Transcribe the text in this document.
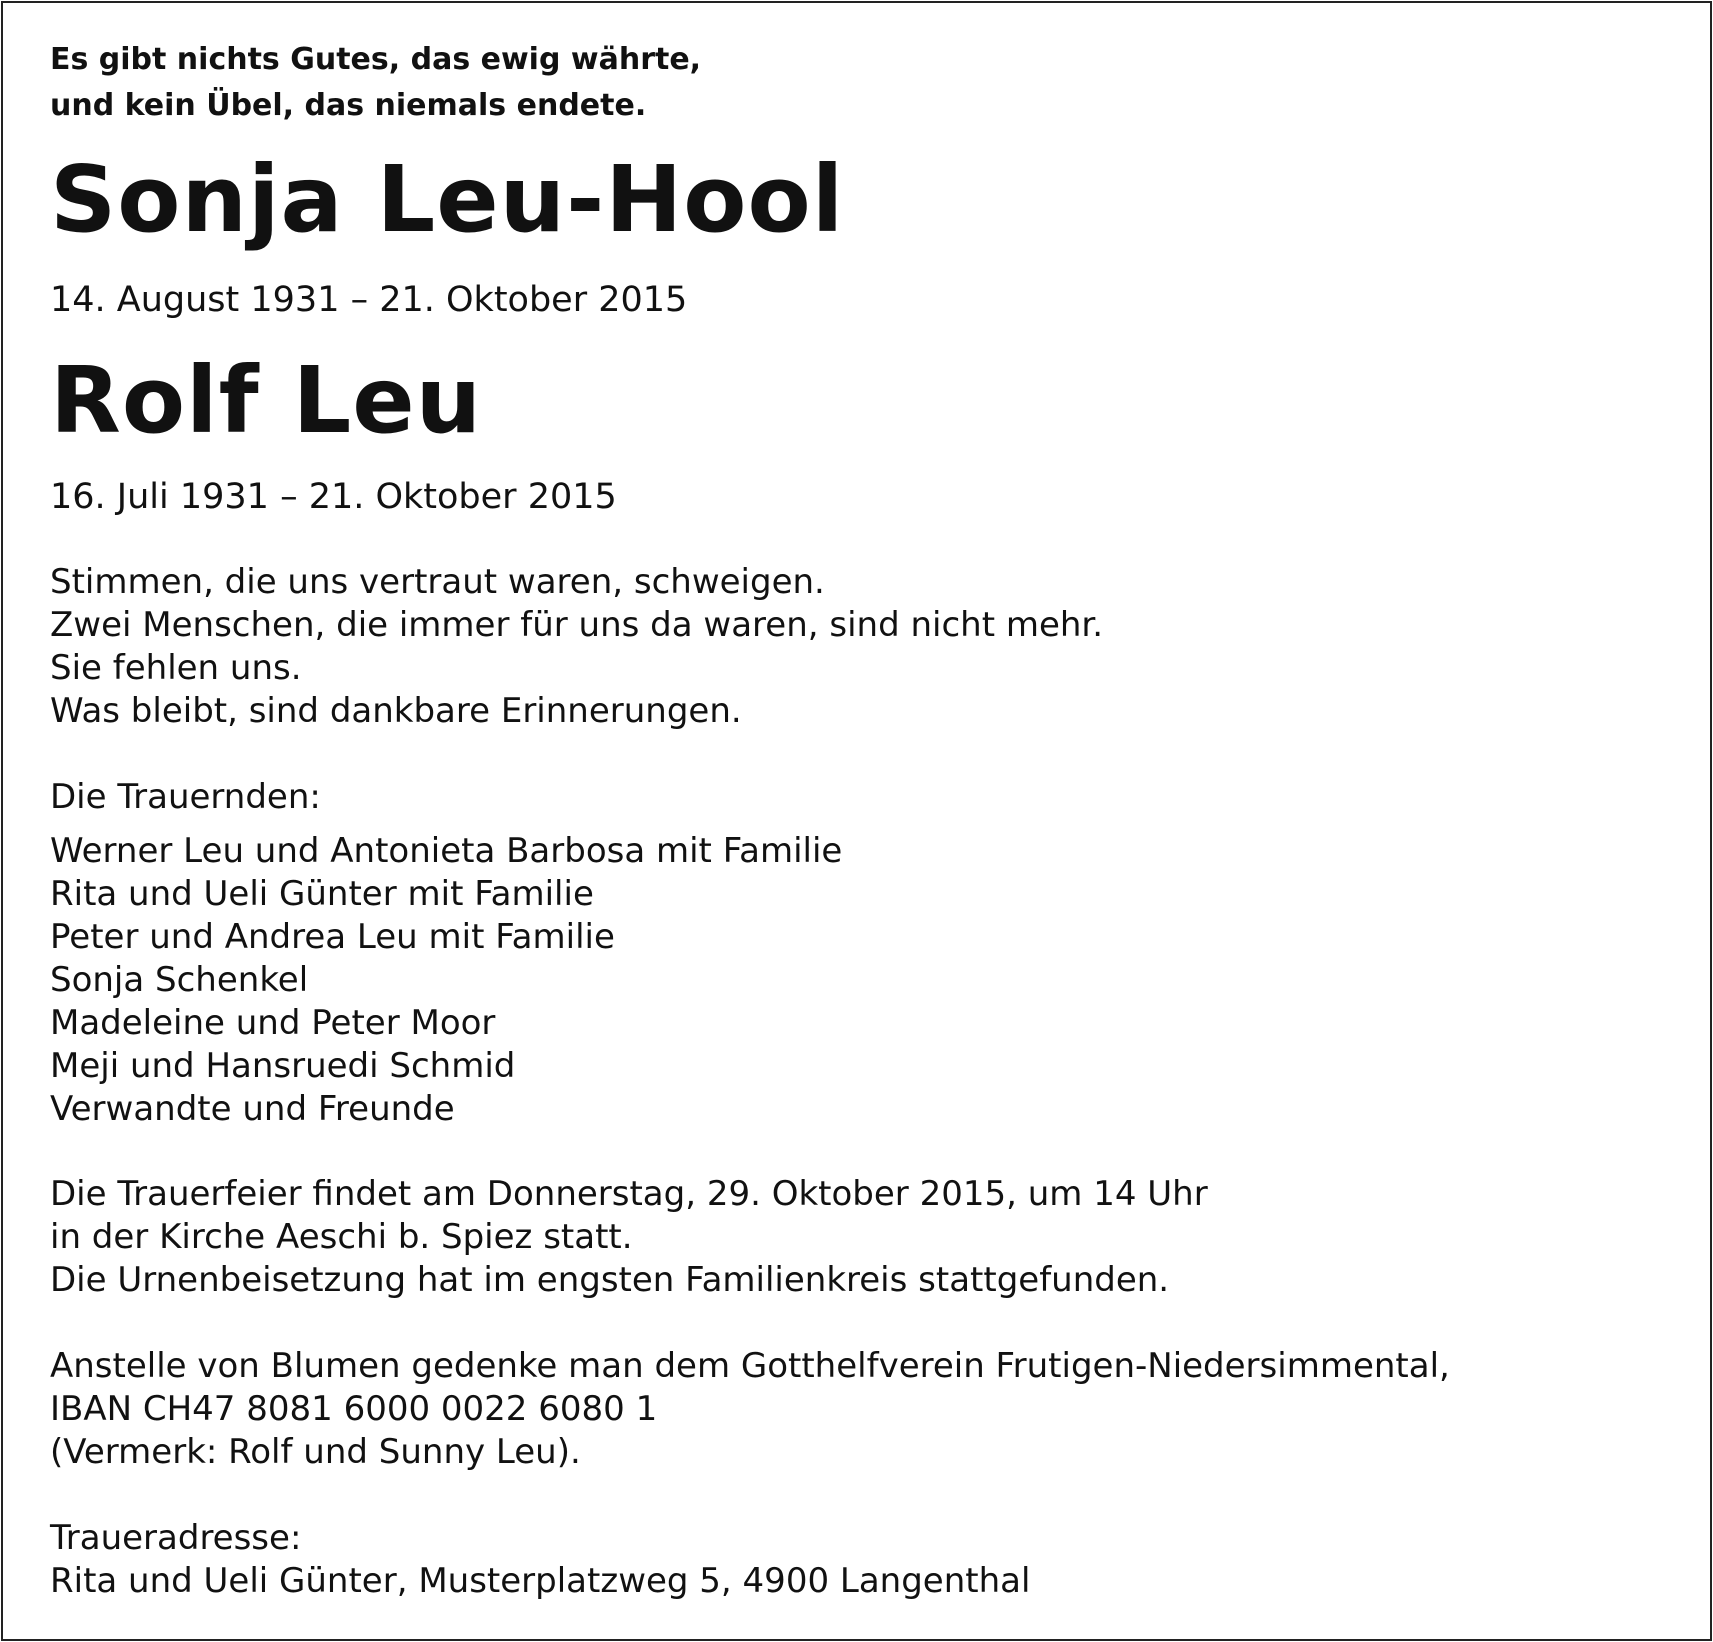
Es gibt nichts Gutes, das ewig währte,
und kein Übel, das niemals endete.
Sonja Leu-Hool
14. August 1931 – 21. Oktober 2015
Rolf Leu
16. Juli 1931 – 21. Oktober 2015
Stimmen, die uns vertraut waren, schweigen.
Zwei Menschen, die immer für uns da waren, sind nicht mehr.
Sie fehlen uns.
Was bleibt, sind dankbare Erinnerungen.
Die Trauernden:
Werner Leu und Antonieta Barbosa mit Familie
Rita und Ueli Günter mit Familie
Peter und Andrea Leu mit Familie
Sonja Schenkel
Madeleine und Peter Moor
Meji und Hansruedi Schmid
Verwandte und Freunde
Die Trauerfeier findet am Donnerstag, 29. Oktober 2015, um 14 Uhr
in der Kirche Aeschi b. Spiez statt.
Die Urnenbeisetzung hat im engsten Familienkreis stattgefunden.
Anstelle von Blumen gedenke man dem Gotthelfverein Frutigen-Niedersimmental,
IBAN CH47 8081 6000 0022 6080 1
(Vermerk: Rolf und Sunny Leu).
Traueradresse:
Rita und Ueli Günter, Musterplatzweg 5, 4900 Langenthal
